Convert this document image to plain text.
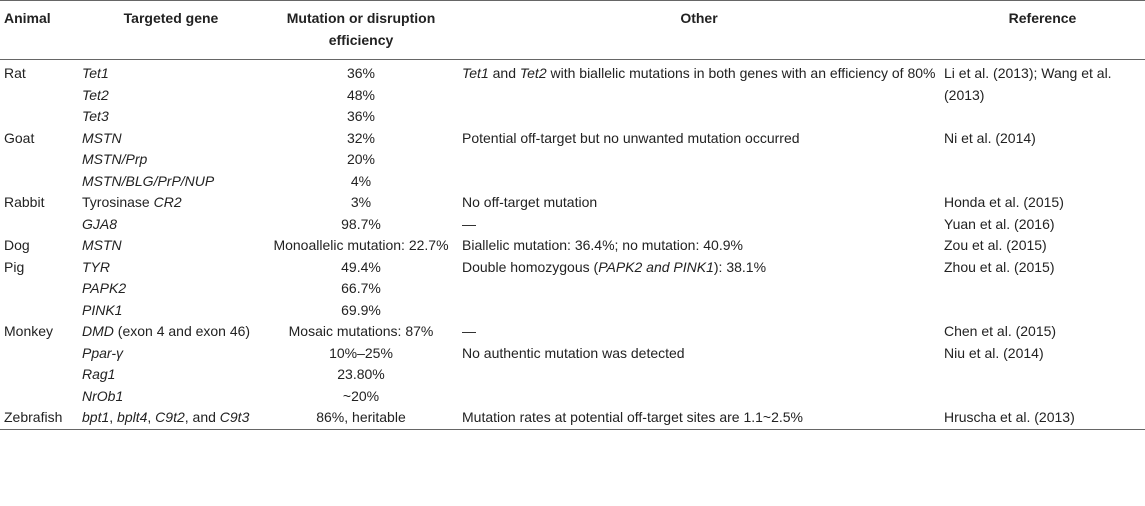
Animal	Targeted gene	Mutation or disruption efficiency	Other	Reference
Rat	Tet1	36%	Tet1 and Tet2 with biallelic mutations in both genes with an efficiency of 80%	Li et al. (2013); Wang et al. (2013)
	Tet2	48%		
	Tet3	36%		
Goat	MSTN	32%	Potential off-target but no unwanted mutation occurred	Ni et al. (2014)
	MSTN/Prp	20%		
	MSTN/BLG/PrP/NUP	4%		
Rabbit	Tyrosinase CR2	3%	No off-target mutation	Honda et al. (2015)
	GJA8	98.7%	—	Yuan et al. (2016)
Dog	MSTN	Monoallelic mutation: 22.7%	Biallelic mutation: 36.4%; no mutation: 40.9%	Zou et al. (2015)
Pig	TYR	49.4%	Double homozygous (PAPK2 and PINK1): 38.1%	Zhou et al. (2015)
	PAPK2	66.7%		
	PINK1	69.9%		
Monkey	DMD (exon 4 and exon 46)	Mosaic mutations: 87%	—	Chen et al. (2015)
	Ppar-γ	10%–25%	No authentic mutation was detected	Niu et al. (2014)
	Rag1	23.80%		
	NrOb1	~20%		
Zebrafish	bpt1, bplt4, C9t2, and C9t3	86%, heritable	Mutation rates at potential off-target sites are 1.1~2.5%	Hruscha et al. (2013)
